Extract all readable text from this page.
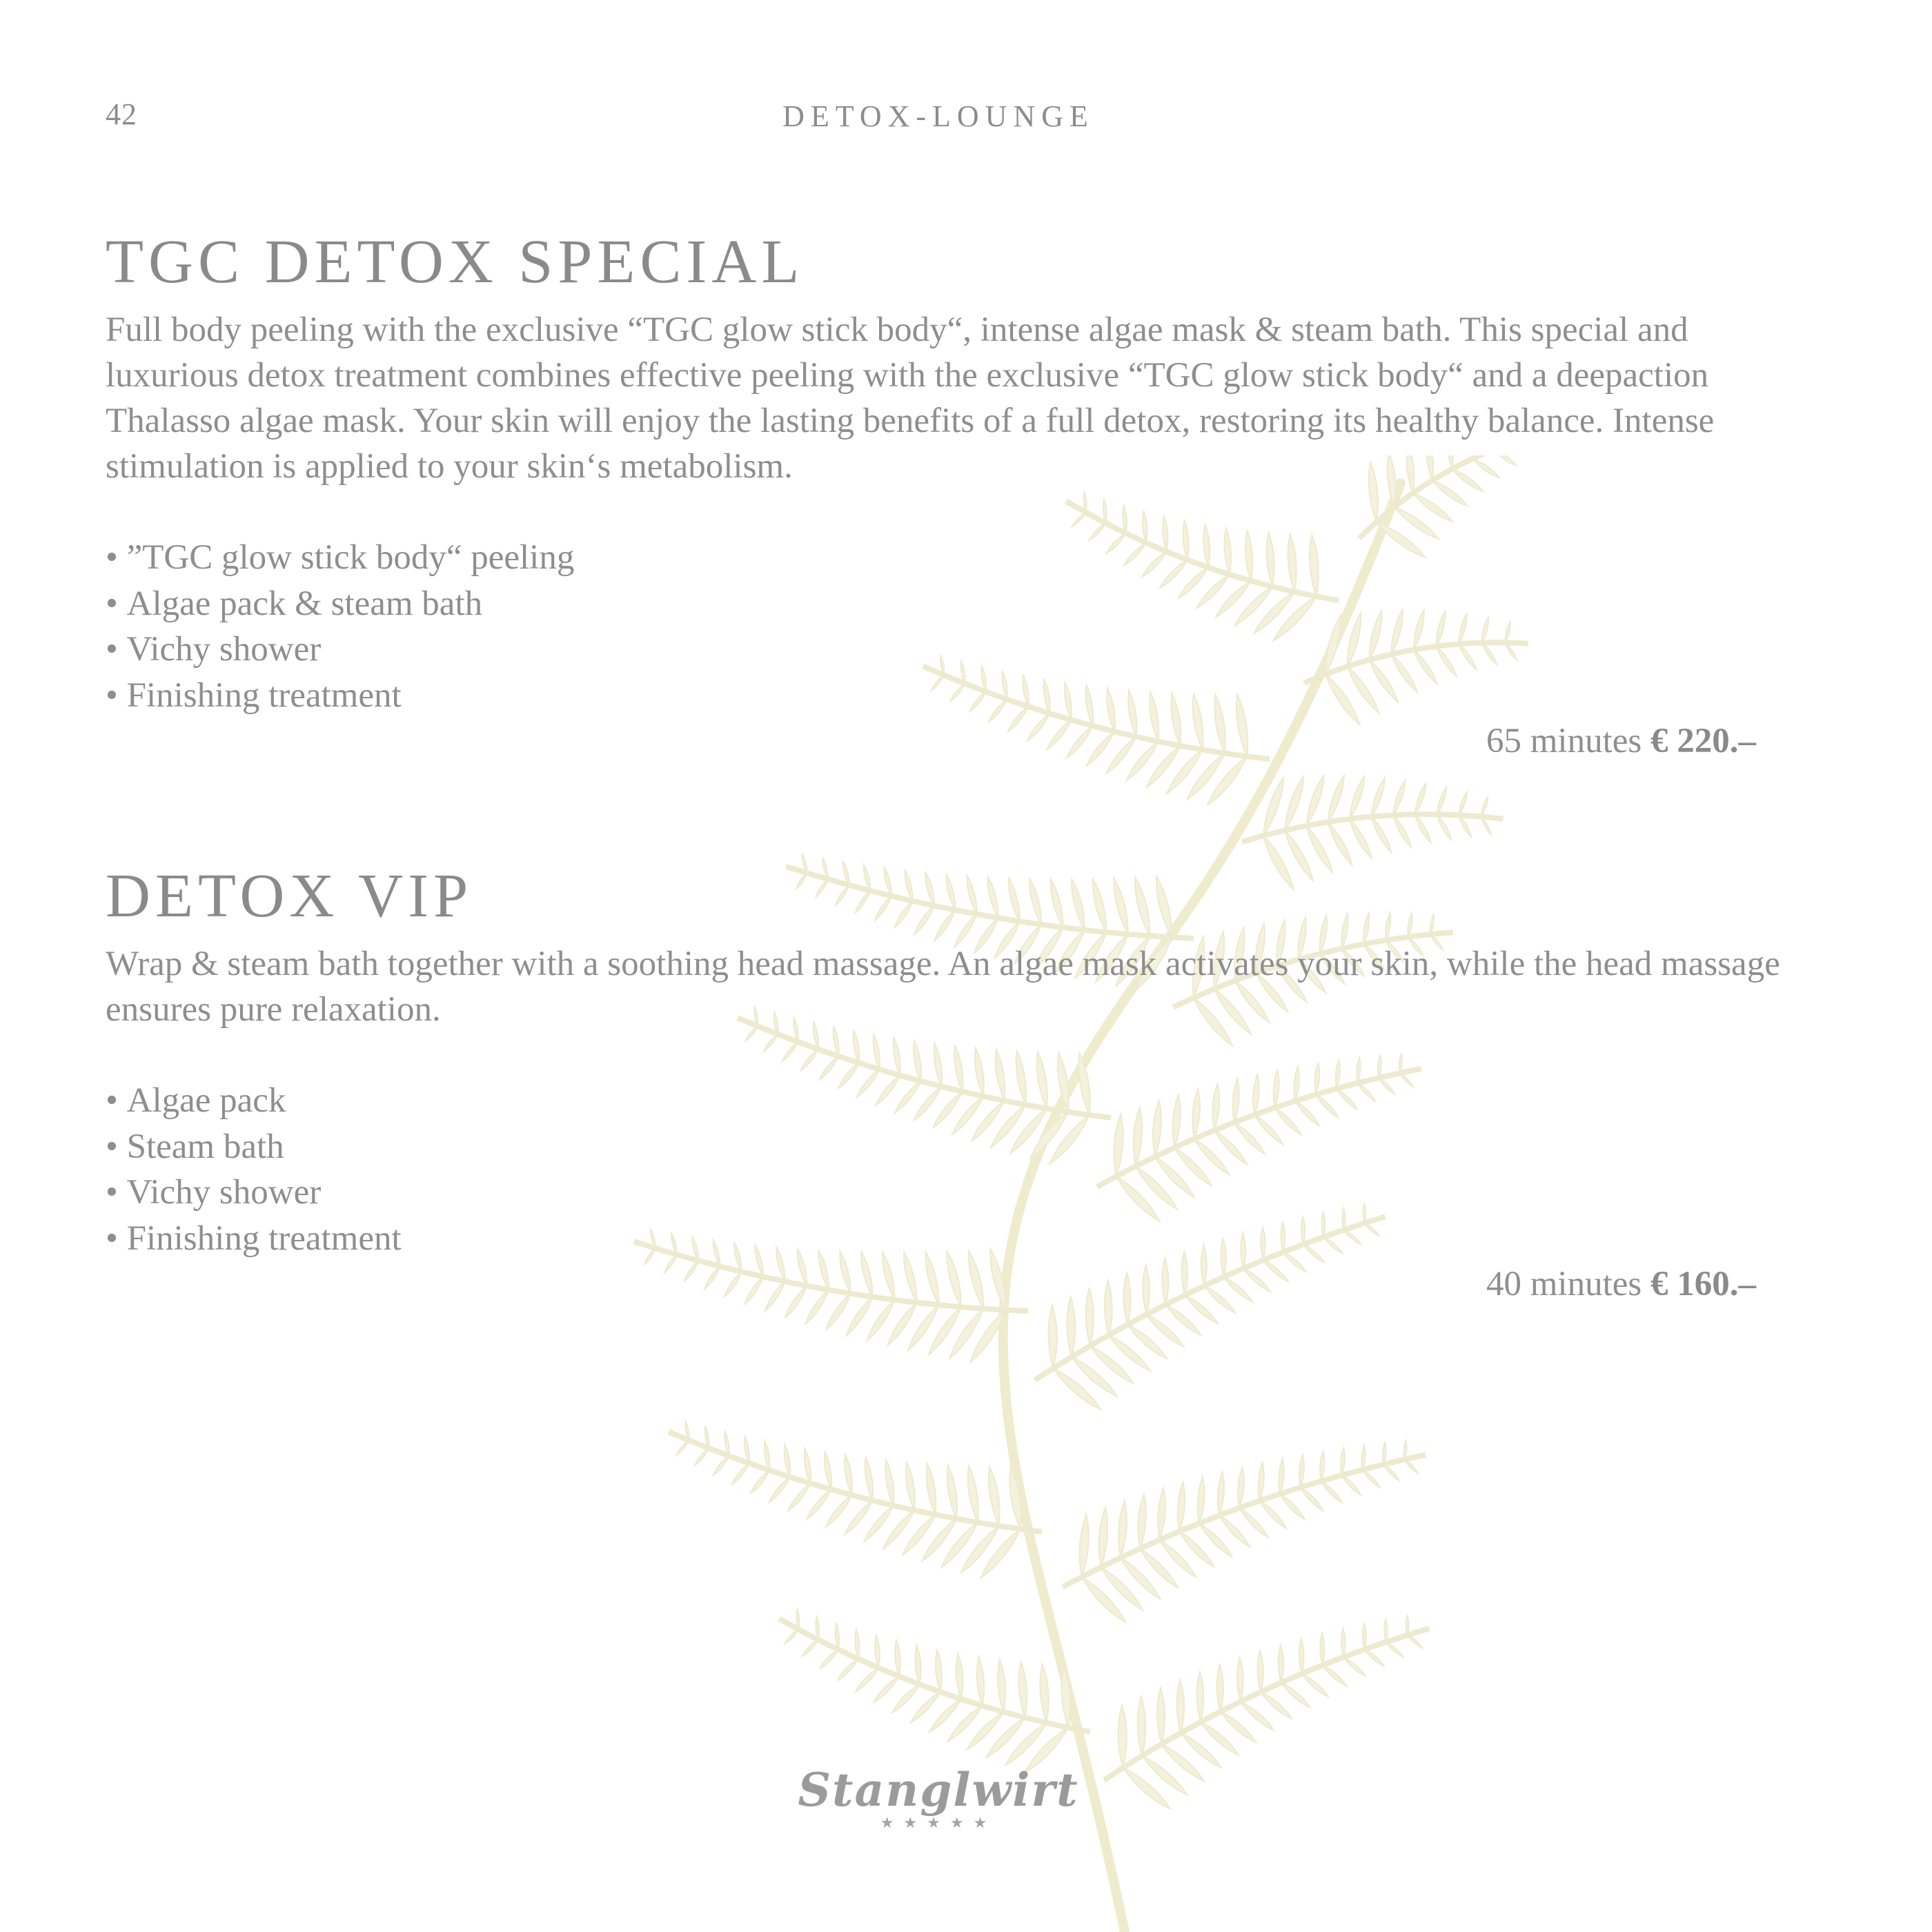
42	DETOX-LOUNGE
TGC DETOX SPECIAL

Full body peeling with the exclusive “TGC glow stick body“, intense algae mask & steam bath. This special and luxurious detox treatment combines effective peeling with the exclusive “TGC glow stick body“ and a deepaction Thalasso algae mask. Your skin will enjoy the lasting benefits of a full detox, restoring its healthy balance. Intense stimulation is applied to your skin‘s metabolism.

• ”TGC glow stick body“ peeling
• Algae pack & steam bath
• Vichy shower
• Finishing treatment
65 minutes € 220.–
DETOX VIP

Wrap & steam bath together with a soothing head massage. An algae mask activates your skin, while the head massage ensures pure relaxation.

• Algae pack
• Steam bath
• Vichy shower
• Finishing treatment
40 minutes € 160.–
Stanglwirt
★★★★★
